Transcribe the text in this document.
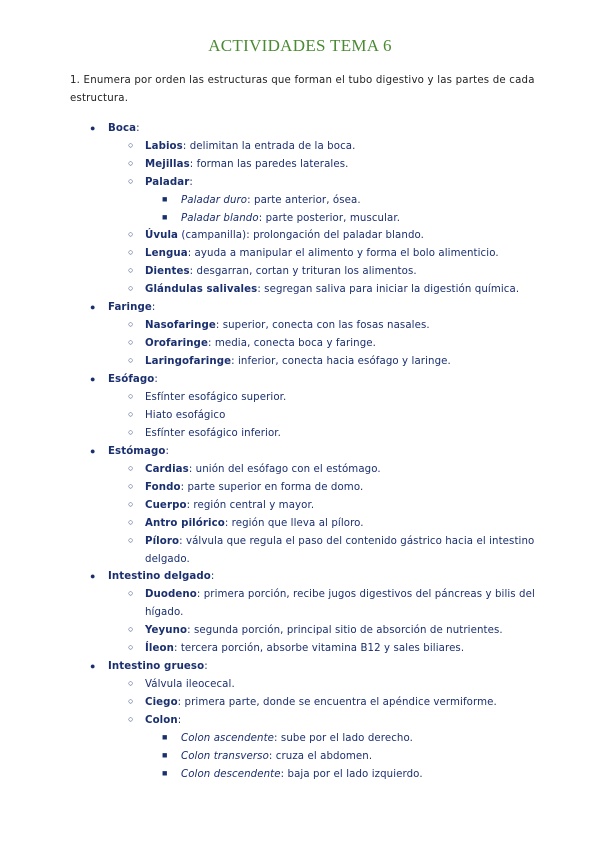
ACTIVIDADES TEMA 6
1. Enumera por orden las estructuras que forman el tubo digestivo y las partes de cada estructura.
● Boca:
○ Labios: delimitan la entrada de la boca.
○ Mejillas: forman las paredes laterales.
○ Paladar:
■ Paladar duro: parte anterior, ósea.
■ Paladar blando: parte posterior, muscular.
○ Úvula (campanilla): prolongación del paladar blando.
○ Lengua: ayuda a manipular el alimento y forma el bolo alimenticio.
○ Dientes: desgarran, cortan y trituran los alimentos.
○ Glándulas salivales: segregan saliva para iniciar la digestión química.
● Faringe:
○ Nasofaringe: superior, conecta con las fosas nasales.
○ Orofaringe: media, conecta boca y faringe.
○ Laringofaringe: inferior, conecta hacia esófago y laringe.
● Esófago:
○ Esfínter esofágico superior.
○ Hiato esofágico
○ Esfínter esofágico inferior.
● Estómago:
○ Cardias: unión del esófago con el estómago.
○ Fondo: parte superior en forma de domo.
○ Cuerpo: región central y mayor.
○ Antro pilórico: región que lleva al píloro.
○ Píloro: válvula que regula el paso del contenido gástrico hacia el intestino delgado.
● Intestino delgado:
○ Duodeno: primera porción, recibe jugos digestivos del páncreas y bilis del hígado.
○ Yeyuno: segunda porción, principal sitio de absorción de nutrientes.
○ Íleon: tercera porción, absorbe vitamina B12 y sales biliares.
● Intestino grueso:
○ Válvula ileocecal.
○ Ciego: primera parte, donde se encuentra el apéndice vermiforme.
○ Colon:
■ Colon ascendente: sube por el lado derecho.
■ Colon transverso: cruza el abdomen.
■ Colon descendente: baja por el lado izquierdo.
